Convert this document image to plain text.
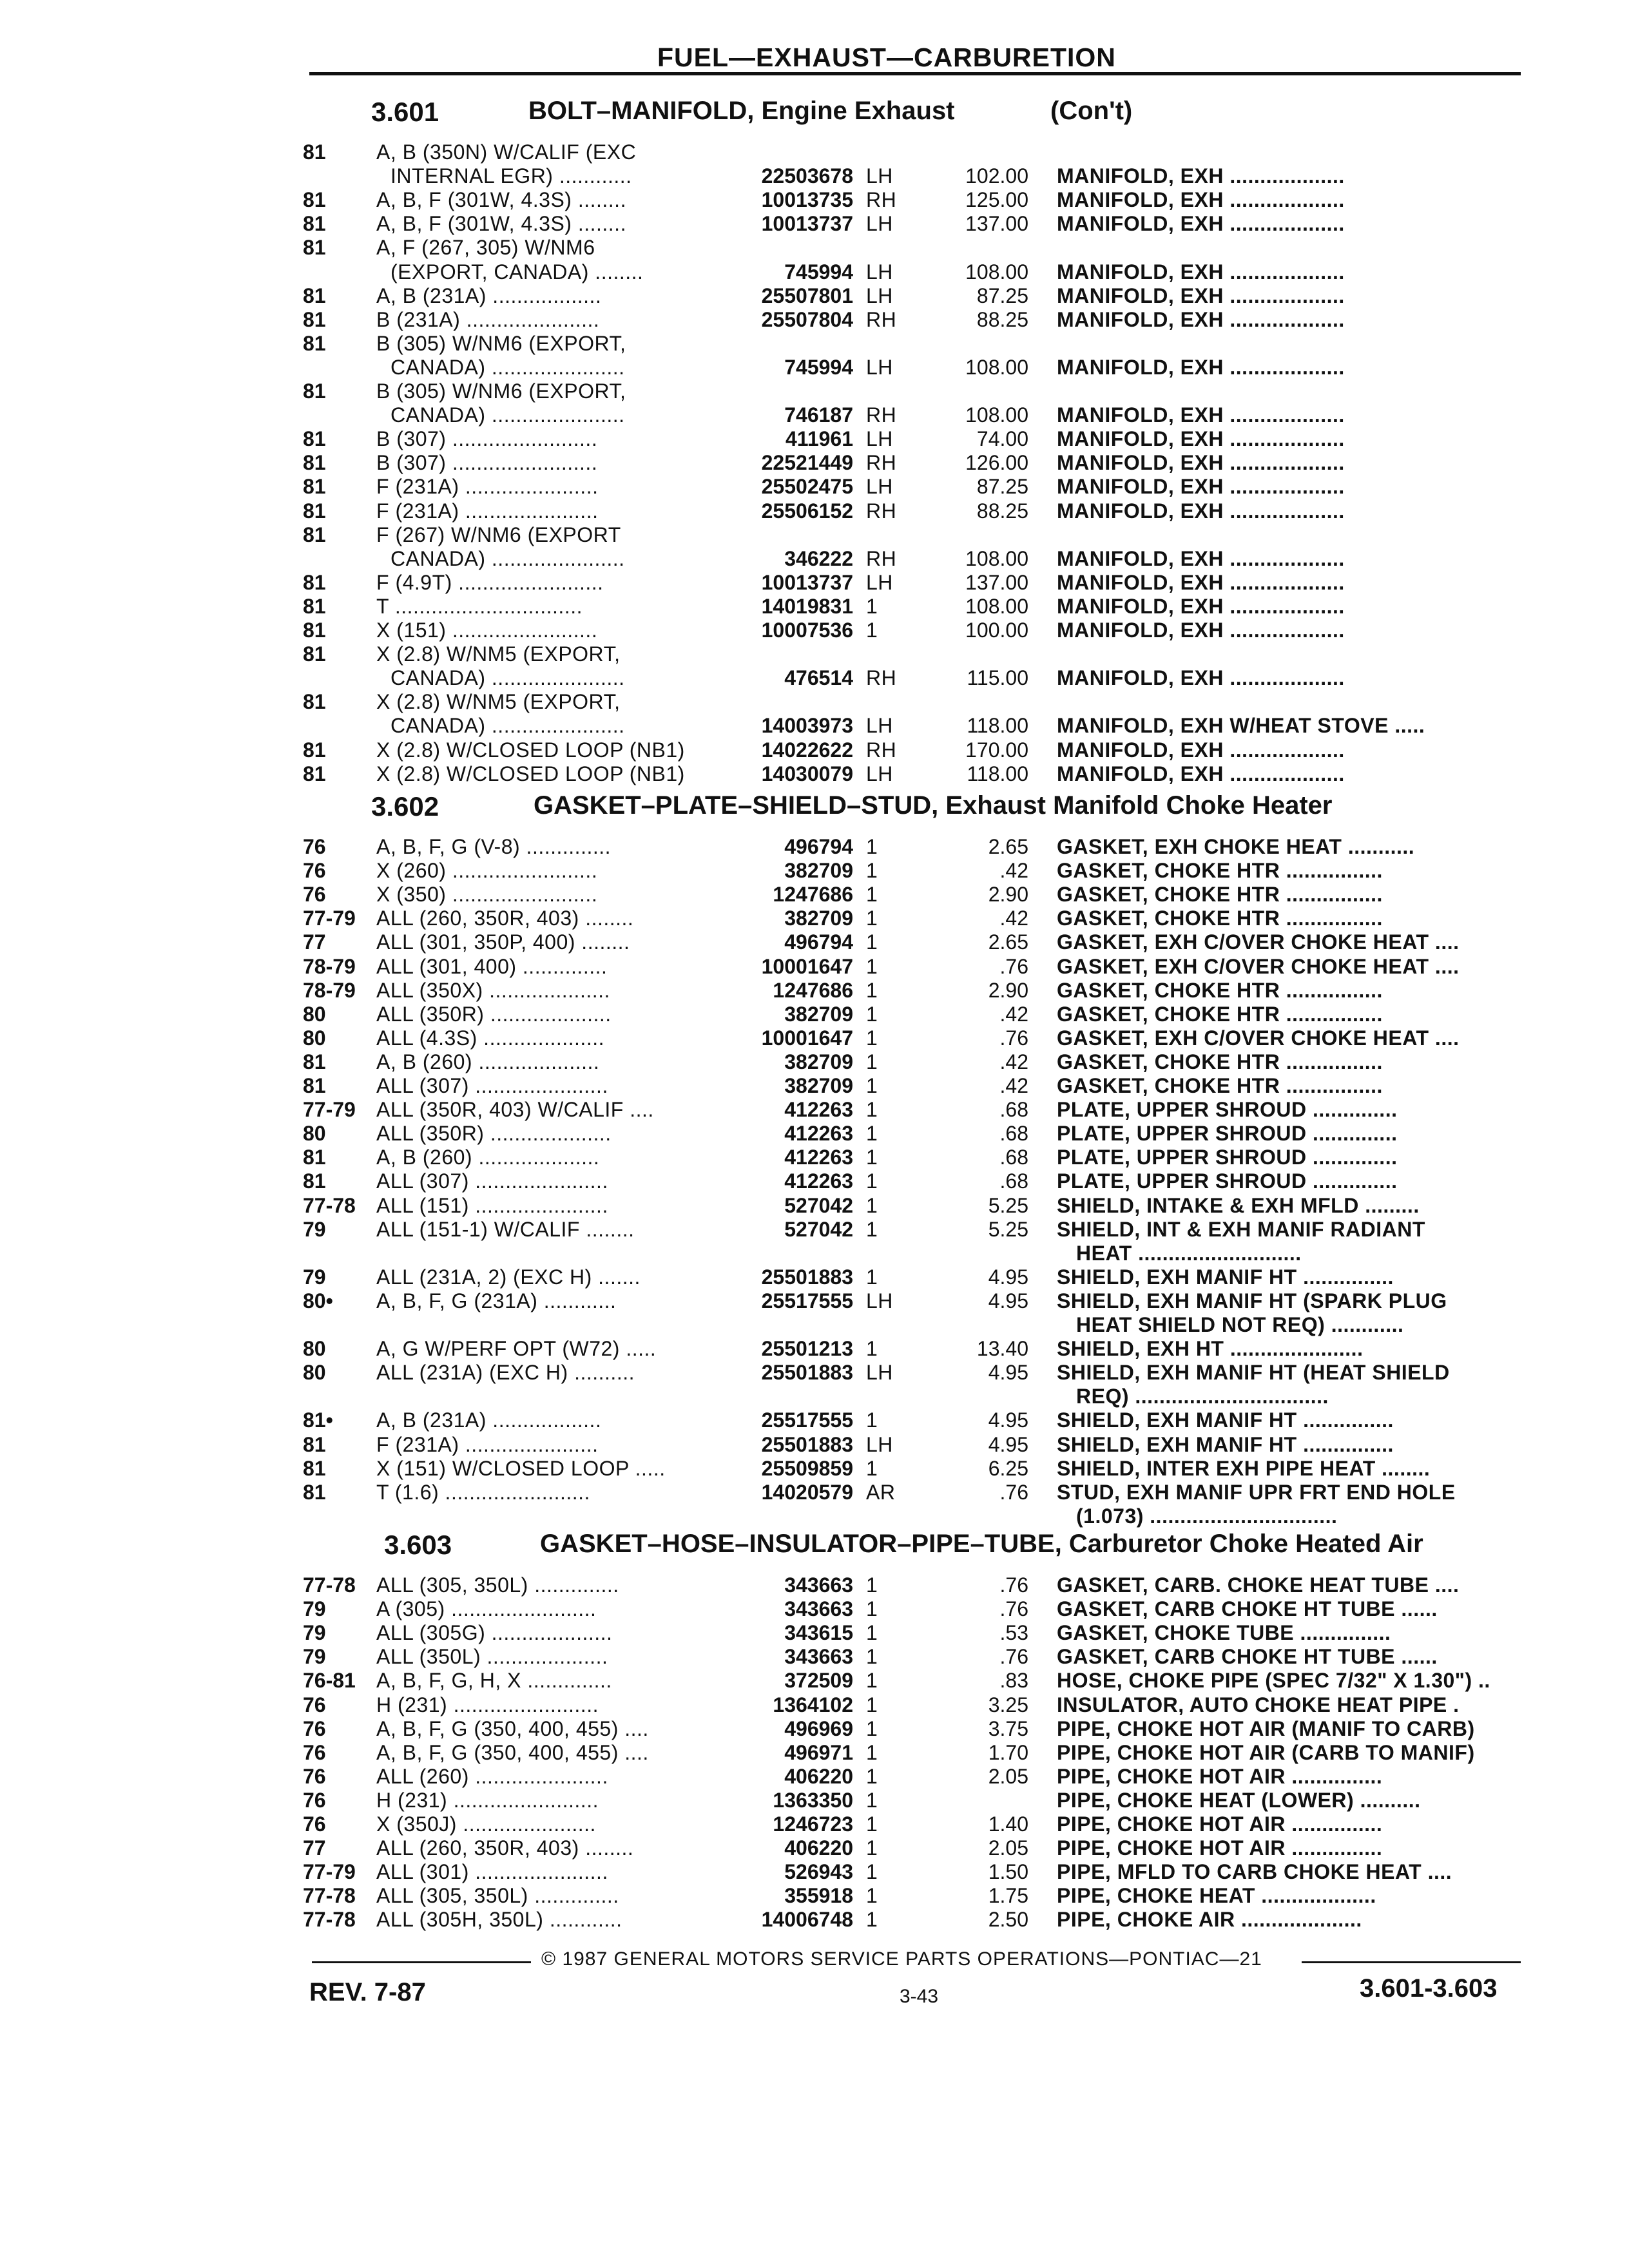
FUEL—EXHAUST—CARBURETION
3.601	BOLT–MANIFOLD, Engine Exhaust	(Con't)
81 A, B (350N) W/CALIF (EXC
INTERNAL EGR) ............	22503678 LH	102.00 MANIFOLD, EXH ...................
81 A, B, F (301W, 4.3S) ........	10013735 RH	125.00 MANIFOLD, EXH ...................
81 A, B, F (301W, 4.3S) ........	10013737 LH	137.00 MANIFOLD, EXH ...................
81 A, F (267, 305) W/NM6
(EXPORT, CANADA) ........	745994 LH	108.00 MANIFOLD, EXH ...................
81 A, B (231A) ..................	25507801 LH	87.25 MANIFOLD, EXH ...................
81 B (231A) ......................	25507804 RH	88.25 MANIFOLD, EXH ...................
81 B (305) W/NM6 (EXPORT,
CANADA) ......................	745994 LH	108.00 MANIFOLD, EXH ...................
81 B (305) W/NM6 (EXPORT,
CANADA) ......................	746187 RH	108.00 MANIFOLD, EXH ...................
81 B (307) ........................	411961 LH	74.00 MANIFOLD, EXH ...................
81 B (307) ........................	22521449 RH	126.00 MANIFOLD, EXH ...................
81 F (231A) ......................	25502475 LH	87.25 MANIFOLD, EXH ...................
81 F (231A) ......................	25506152 RH	88.25 MANIFOLD, EXH ...................
81 F (267) W/NM6 (EXPORT
CANADA) ......................	346222 RH	108.00 MANIFOLD, EXH ...................
81 F (4.9T) ........................	10013737 LH	137.00 MANIFOLD, EXH ...................
81 T ...............................	14019831 1	108.00 MANIFOLD, EXH ...................
81 X (151) ........................	10007536 1	100.00 MANIFOLD, EXH ...................
81 X (2.8) W/NM5 (EXPORT,
CANADA) ......................	476514 RH	115.00 MANIFOLD, EXH ...................
81 X (2.8) W/NM5 (EXPORT,
CANADA) ......................	14003973 LH	118.00 MANIFOLD, EXH W/HEAT STOVE .....
81 X (2.8) W/CLOSED LOOP (NB1)	14022622 RH	170.00 MANIFOLD, EXH ...................
81 X (2.8) W/CLOSED LOOP (NB1)	14030079 LH	118.00 MANIFOLD, EXH ...................
3.602	GASKET–PLATE–SHIELD–STUD, Exhaust Manifold Choke Heater
76 A, B, F, G (V-8) ..............	496794 1	2.65 GASKET, EXH CHOKE HEAT ...........
76 X (260) ........................	382709 1	.42 GASKET, CHOKE HTR ................
76 X (350) ........................	1247686 1	2.90 GASKET, CHOKE HTR ................
77-79 ALL (260, 350R, 403) ........	382709 1	.42 GASKET, CHOKE HTR ................
77 ALL (301, 350P, 400) ........	496794 1	2.65 GASKET, EXH C/OVER CHOKE HEAT ....
78-79 ALL (301, 400) ..............	10001647 1	.76 GASKET, EXH C/OVER CHOKE HEAT ....
78-79 ALL (350X) ....................	1247686 1	2.90 GASKET, CHOKE HTR ................
80 ALL (350R) ....................	382709 1	.42 GASKET, CHOKE HTR ................
80 ALL (4.3S) ....................	10001647 1	.76 GASKET, EXH C/OVER CHOKE HEAT ....
81 A, B (260) ....................	382709 1	.42 GASKET, CHOKE HTR ................
81 ALL (307) ......................	382709 1	.42 GASKET, CHOKE HTR ................
77-79 ALL (350R, 403) W/CALIF ....	412263 1	.68 PLATE, UPPER SHROUD ..............
80 ALL (350R) ....................	412263 1	.68 PLATE, UPPER SHROUD ..............
81 A, B (260) ....................	412263 1	.68 PLATE, UPPER SHROUD ..............
81 ALL (307) ......................	412263 1	.68 PLATE, UPPER SHROUD ..............
77-78 ALL (151) ......................	527042 1	5.25 SHIELD, INTAKE & EXH MFLD .........
79 ALL (151-1) W/CALIF ........	527042 1	5.25 SHIELD, INT & EXH MANIF RADIANT
HEAT ...........................
79 ALL (231A, 2) (EXC H) .......	25501883 1	4.95 SHIELD, EXH MANIF HT ...............
80• A, B, F, G (231A) ............	25517555 LH	4.95 SHIELD, EXH MANIF HT (SPARK PLUG
HEAT SHIELD NOT REQ) ............
80 A, G W/PERF OPT (W72) .....	25501213 1	13.40 SHIELD, EXH HT ......................
80 ALL (231A) (EXC H) ..........	25501883 LH	4.95 SHIELD, EXH MANIF HT (HEAT SHIELD
REQ) ................................
81• A, B (231A) ..................	25517555 1	4.95 SHIELD, EXH MANIF HT ...............
81 F (231A) ......................	25501883 LH	4.95 SHIELD, EXH MANIF HT ...............
81 X (151) W/CLOSED LOOP .....	25509859 1	6.25 SHIELD, INTER EXH PIPE HEAT ........
81 T (1.6) ........................	14020579 AR	.76 STUD, EXH MANIF UPR FRT END HOLE
(1.073) ...............................
3.603	GASKET–HOSE–INSULATOR–PIPE–TUBE, Carburetor Choke Heated Air
77-78 ALL (305, 350L) ..............	343663 1	.76 GASKET, CARB. CHOKE HEAT TUBE ....
79 A (305) ........................	343663 1	.76 GASKET, CARB CHOKE HT TUBE ......
79 ALL (305G) ....................	343615 1	.53 GASKET, CHOKE TUBE ...............
79 ALL (350L) ....................	343663 1	.76 GASKET, CARB CHOKE HT TUBE ......
76-81 A, B, F, G, H, X ..............	372509 1	.83 HOSE, CHOKE PIPE (SPEC 7/32" X 1.30") ..
76 H (231) ........................	1364102 1	3.25 INSULATOR, AUTO CHOKE HEAT PIPE .
76 A, B, F, G (350, 400, 455) ....	496969 1	3.75 PIPE, CHOKE HOT AIR (MANIF TO CARB)
76 A, B, F, G (350, 400, 455) ....	496971 1	1.70 PIPE, CHOKE HOT AIR (CARB TO MANIF)
76 ALL (260) ......................	406220 1	2.05 PIPE, CHOKE HOT AIR ...............
76 H (231) ........................	1363350 1	PIPE, CHOKE HEAT (LOWER) ..........
76 X (350J) ......................	1246723 1	1.40 PIPE, CHOKE HOT AIR ...............
77 ALL (260, 350R, 403) ........	406220 1	2.05 PIPE, CHOKE HOT AIR ...............
77-79 ALL (301) ......................	526943 1	1.50 PIPE, MFLD TO CARB CHOKE HEAT ....
77-78 ALL (305, 350L) ..............	355918 1	1.75 PIPE, CHOKE HEAT ...................
77-78 ALL (305H, 350L) ............	14006748 1	2.50 PIPE, CHOKE AIR ....................
© 1987 GENERAL MOTORS SERVICE PARTS OPERATIONS—PONTIAC—21
REV. 7-87	3-43	3.601-3.603
